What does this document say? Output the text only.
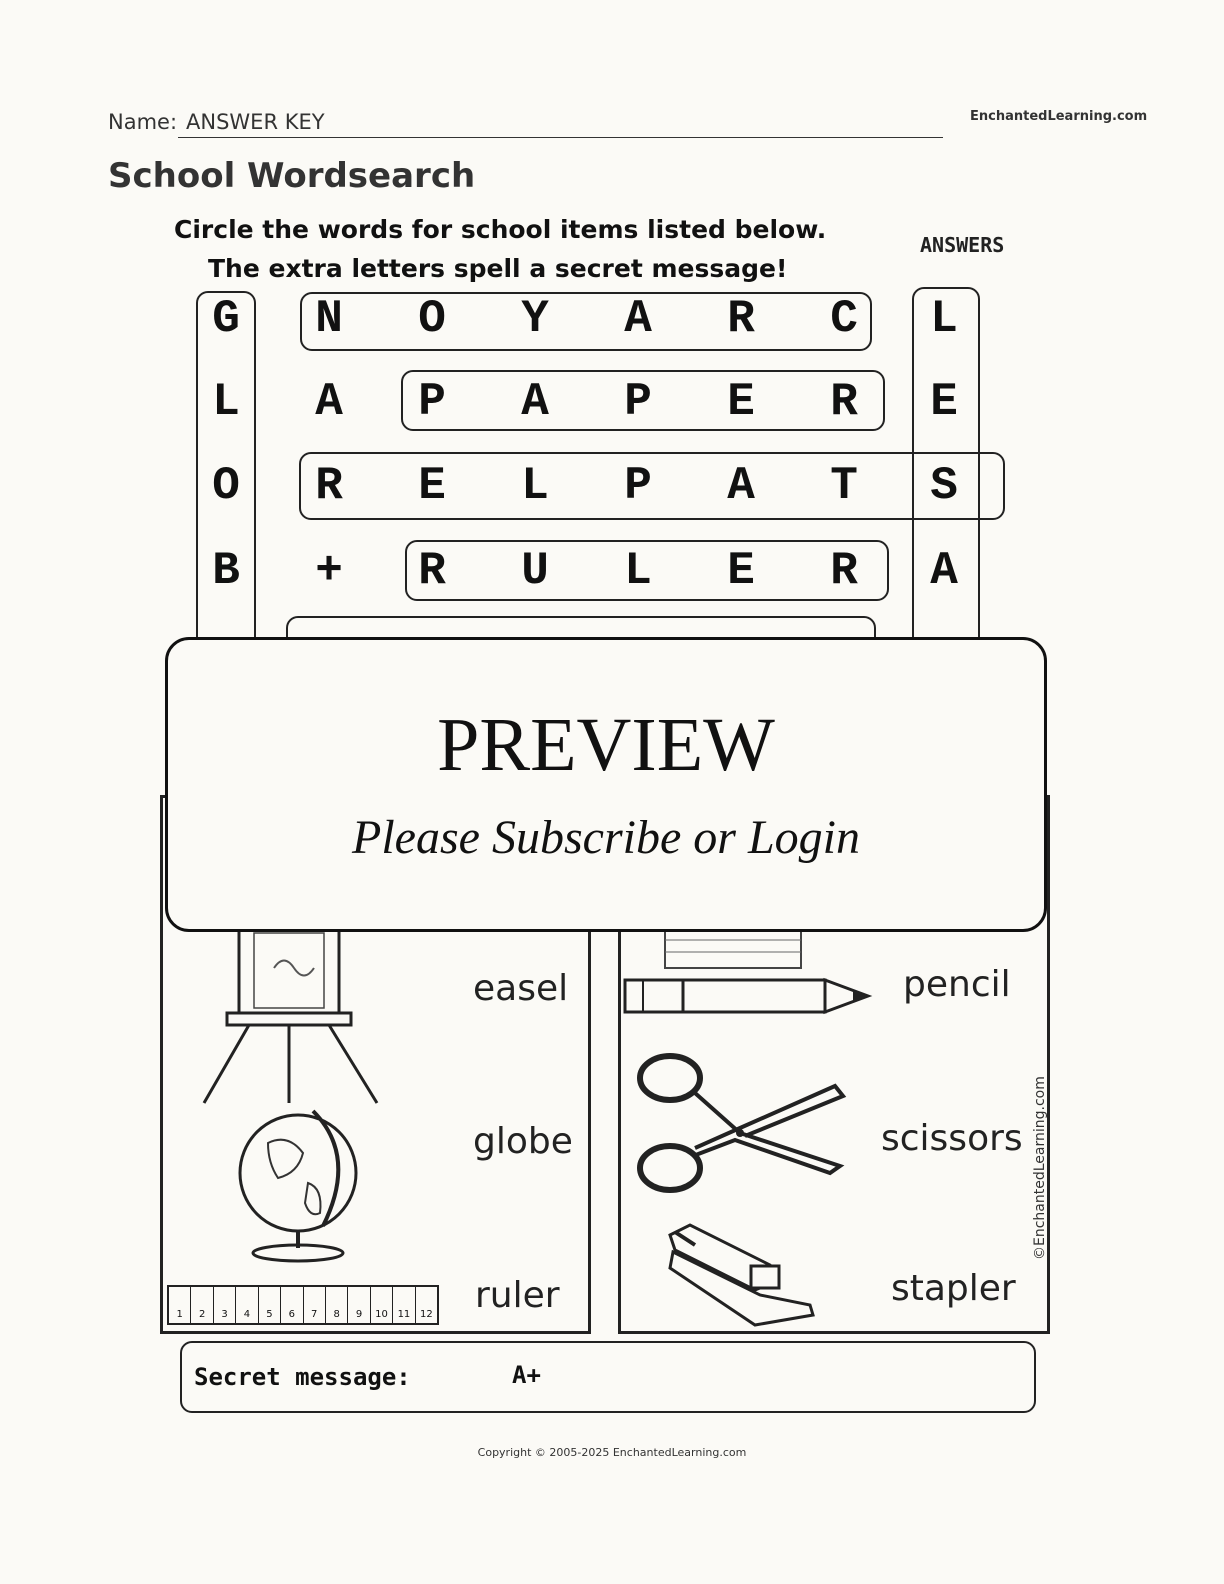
Name: ANSWER KEY	EnchantedLearning.com
School Wordsearch
Circle the words for school items listed below.
The extra letters spell a secret message!
ANSWERS
G	N	O	Y	A	R	C	L
L	A	P	A	P	E	R	E
O	R	E	L	P	A	T	S
B	+	R	U	L	E	R	A
easel
globe
1	2	3	4	5	6	7	8	9	10 11 12 ruler
pencil
scissors
stapler
©EnchantedLearning.com
PREVIEW
Please Subscribe or Login
Secret message:	A+
Copyright © 2005-2025 EnchantedLearning.com
